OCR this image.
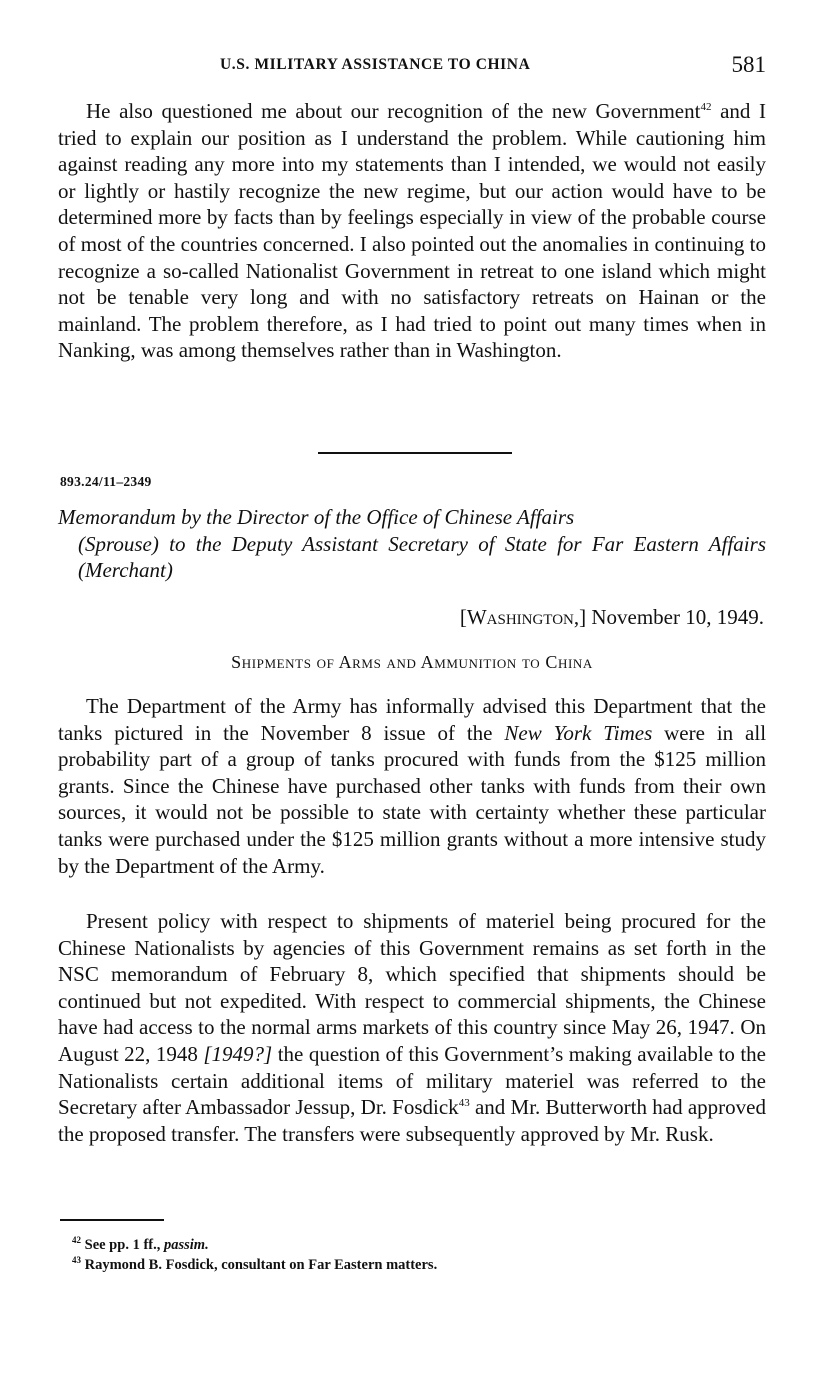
U.S. MILITARY ASSISTANCE TO CHINA	581

He also questioned me about our recognition of the new Government$^{42}$ and I tried to explain our position as I understand the problem. While cautioning him against reading any more into my statements than I intended, we would not easily or lightly or hastily recognize the new regime, but our action would have to be determined more by facts than by feelings especially in view of the probable course of most of the countries concerned. I also pointed out the anomalies in continuing to recognize a so-called Nationalist Government in retreat to one island which might not be tenable very long and with no satisfactory retreats on Hainan or the mainland. The problem therefore, as I had tried to point out many times when in Nanking, was among themselves rather than in Washington.

893.24/11–2349
Memorandum by the Director of the Office of Chinese Affairs
(Sprouse) to the Deputy Assistant Secretary of State for Far Eastern Affairs (Merchant)
[Washington,] November 10, 1949.
Shipments of Arms and Ammunition to China

The Department of the Army has informally advised this Department that the tanks pictured in the November 8 issue of the New York Times were in all probability part of a group of tanks procured with funds from the $125 million grants. Since the Chinese have purchased other tanks with funds from their own sources, it would not be possible to state with certainty whether these particular tanks were purchased under the $125 million grants without a more intensive study by the Department of the Army.

Present policy with respect to shipments of materiel being procured for the Chinese Nationalists by agencies of this Government remains as set forth in the NSC memorandum of February 8, which specified that shipments should be continued but not expedited. With respect to commercial shipments, the Chinese have had access to the normal arms markets of this country since May 26, 1947. On August 22, 1948 [1949?] the question of this Government’s making available to the Nationalists certain additional items of military materiel was referred to the Secretary after Ambassador Jessup, Dr. Fosdick$^{43}$ and Mr. Butterworth had approved the proposed transfer. The transfers were subsequently approved by Mr. Rusk.

$^{42}$ See pp. 1 ff., passim.
$^{43}$ Raymond B. Fosdick, consultant on Far Eastern matters.
